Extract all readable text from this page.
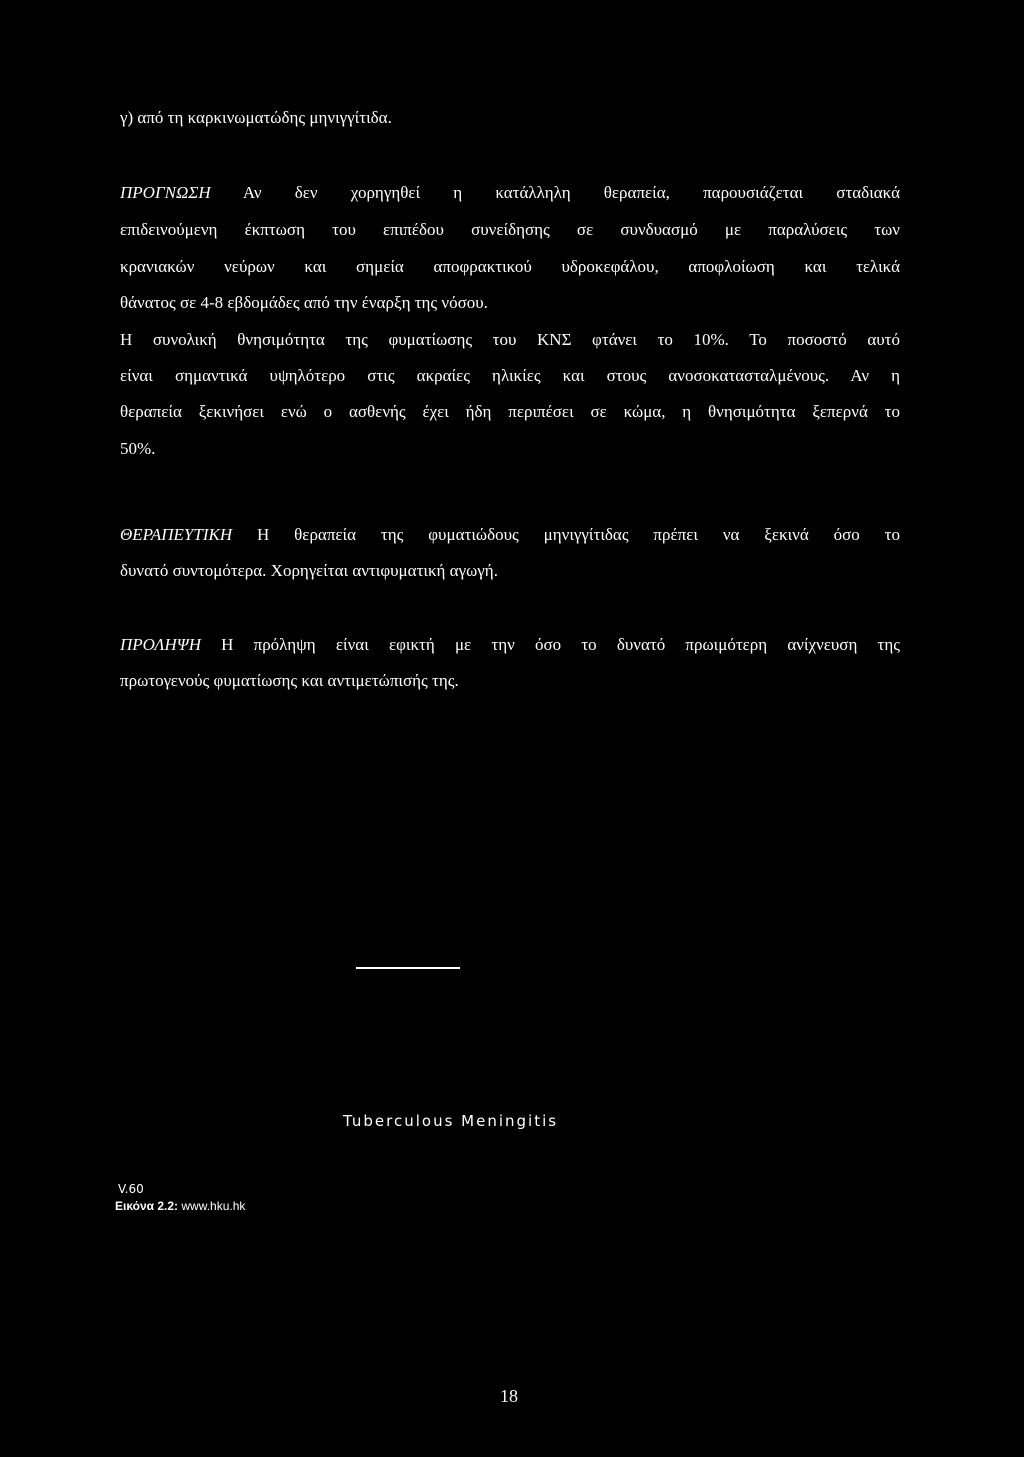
γ) από τη καρκινωματώδης μηνιγγίτιδα.
ΠΡΟΓΝΩΣΗ Αν δεν χορηγηθεί η κατάλληλη θεραπεία, παρουσιάζεται σταδιακά
επιδεινούμενη έκπτωση του επιπέδου συνείδησης σε συνδυασμό με παραλύσεις των
κρανιακών νεύρων και σημεία αποφρακτικού υδροκεφάλου, αποφλοίωση και τελικά
θάνατος σε 4-8 εβδομάδες από την έναρξη της νόσου.
Η συνολική θνησιμότητα της φυματίωσης του ΚΝΣ φτάνει το 10%. Το ποσοστό αυτό
είναι σημαντικά υψηλότερο στις ακραίες ηλικίες και στους ανοσοκατασταλμένους. Αν η
θεραπεία ξεκινήσει ενώ ο ασθενής έχει ήδη περιπέσει σε κώμα, η θνησιμότητα ξεπερνά το
50%.
ΘΕΡΑΠΕΥΤΙΚΗ Η θεραπεία της φυματιώδους μηνιγγίτιδας πρέπει να ξεκινά όσο το
δυνατό συντομότερα. Χορηγείται αντιφυματική αγωγή.
ΠΡΟΛΗΨΗ Η πρόληψη είναι εφικτή με την όσο το δυνατό πρωιμότερη ανίχνευση της
πρωτογενούς φυματίωσης και αντιμετώπισής της.
Tuberculous Meningitis
V.60
Εικόνα 2.2: www.hku.hk
18
